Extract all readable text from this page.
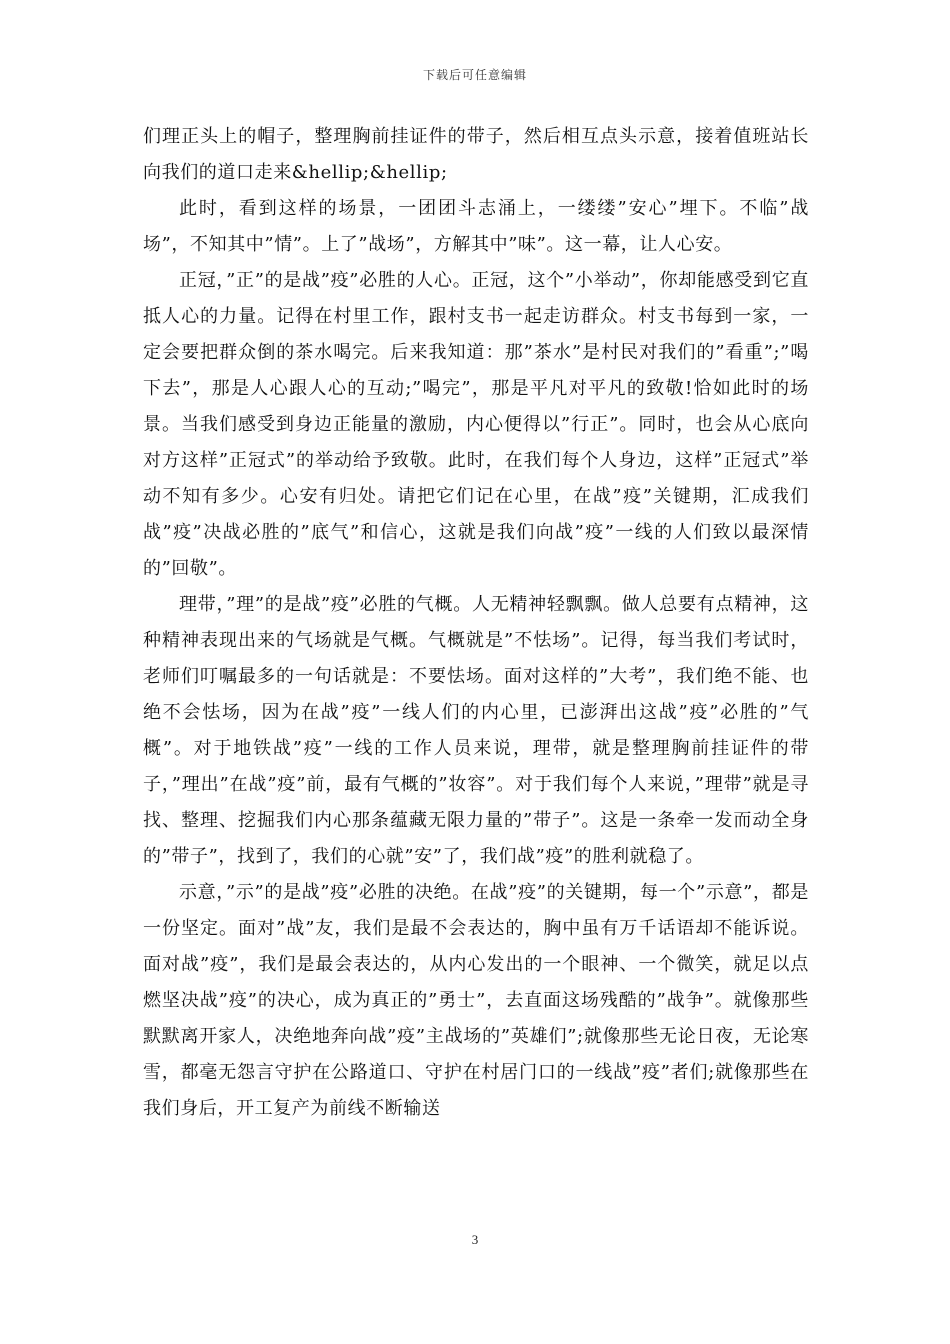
下载后可任意编辑

们理正头上的帽子，整理胸前挂证件的带子，然后相互点头示意，接着值班站长向我们的道口走来&hellip;&hellip;

此时，看到这样的场景，一团团斗志涌上，一缕缕”安心”埋下。不临”战场”，不知其中”情”。上了”战场”，方解其中”味”。这一幕，让人心安。

正冠，”正”的是战”疫”必胜的人心。正冠，这个”小举动”，你却能感受到它直抵人心的力量。记得在村里工作，跟村支书一起走访群众。村支书每到一家，一定会要把群众倒的茶水喝完。后来我知道：那”茶水”是村民对我们的”看重”;”喝下去”，那是人心跟人心的互动;”喝完”，那是平凡对平凡的致敬!恰如此时的场景。当我们感受到身边正能量的激励，内心便得以”行正”。同时，也会从心底向对方这样”正冠式”的举动给予致敬。此时，在我们每个人身边，这样”正冠式”举动不知有多少。心安有归处。请把它们记在心里，在战”疫”关键期，汇成我们战”疫”决战必胜的”底气”和信心，这就是我们向战”疫”一线的人们致以最深情的”回敬”。

理带，”理”的是战”疫”必胜的气概。人无精神轻飘飘。做人总要有点精神，这种精神表现出来的气场就是气概。气概就是”不怯场”。记得，每当我们考试时，老师们叮嘱最多的一句话就是：不要怯场。面对这样的”大考”，我们绝不能、也绝不会怯场，因为在战”疫”一线人们的内心里，已澎湃出这战”疫”必胜的”气概”。对于地铁战”疫”一线的工作人员来说，理带，就是整理胸前挂证件的带子，”理出”在战”疫”前，最有气概的”妆容”。对于我们每个人来说，”理带”就是寻找、整理、挖掘我们内心那条蕴藏无限力量的”带子”。这是一条牵一发而动全身的”带子”，找到了，我们的心就”安”了，我们战”疫”的胜利就稳了。

示意，”示”的是战”疫”必胜的决绝。在战”疫”的关键期，每一个”示意”，都是一份坚定。面对”战”友，我们是最不会表达的，胸中虽有万千话语却不能诉说。面对战”疫”，我们是最会表达的，从内心发出的一个眼神、一个微笑，就足以点燃坚决战”疫”的决心，成为真正的”勇士”，去直面这场残酷的”战争”。就像那些默默离开家人，决绝地奔向战”疫”主战场的”英雄们”;就像那些无论日夜，无论寒雪，都毫无怨言守护在公路道口、守护在村居门口的一线战”疫”者们;就像那些在我们身后，开工复产为前线不断输送

3
